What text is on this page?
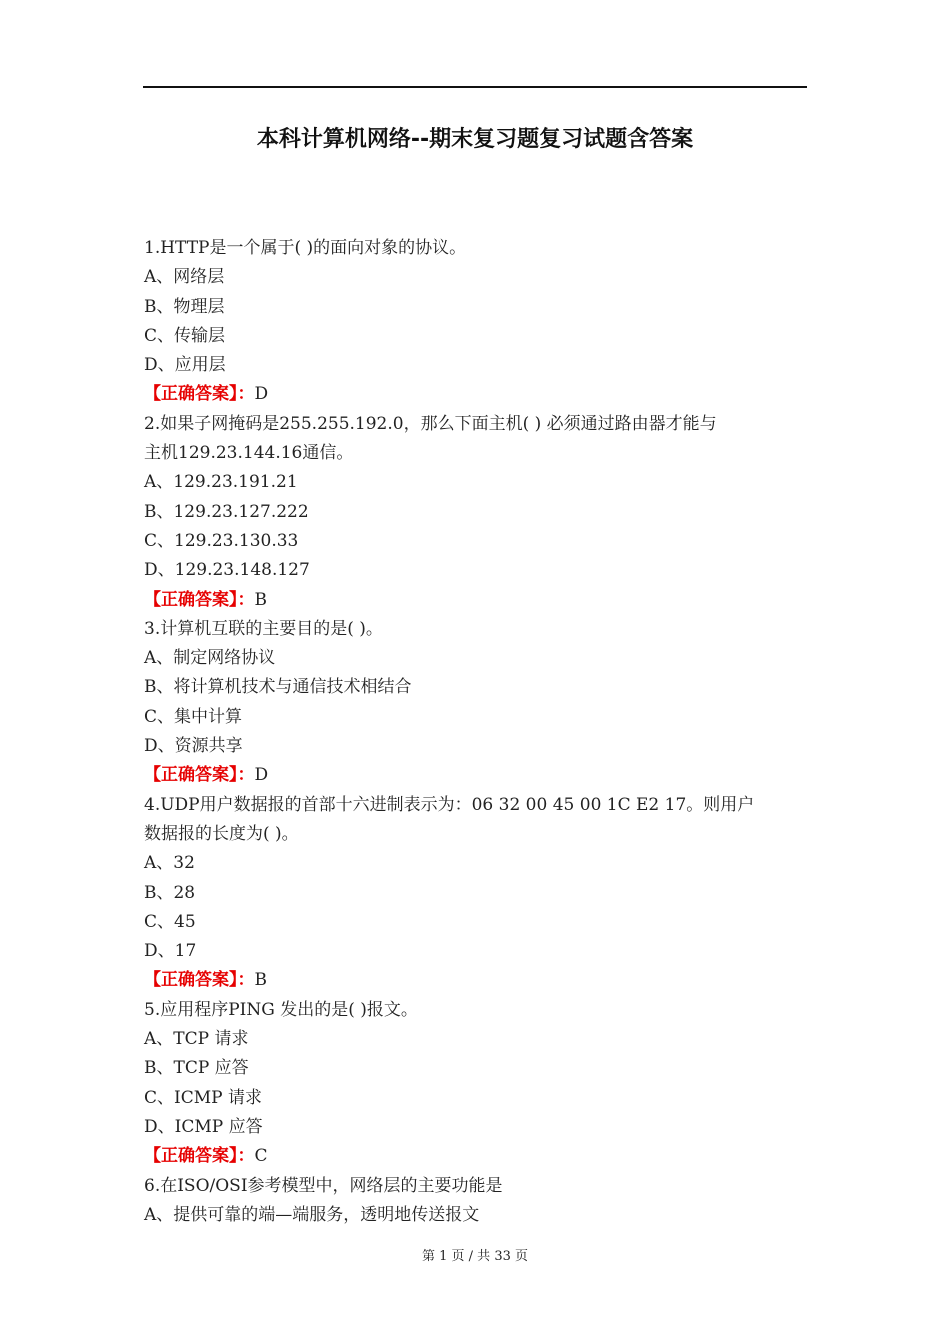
本科计算机网络--期末复习题复习试题含答案
1.HTTP是一个属于( )的面向对象的协议。
A、网络层
B、物理层
C、传输层
D、应用层
【正确答案】：D
2.如果子网掩码是255.255.192.0，那么下面主机( ) 必须通过路由器才能与
主机129.23.144.16通信。
A、129.23.191.21
B、129.23.127.222
C、129.23.130.33
D、129.23.148.127
【正确答案】：B
3.计算机互联的主要目的是( )。
A、制定网络协议
B、将计算机技术与通信技术相结合
C、集中计算
D、资源共享
【正确答案】：D
4.UDP用户数据报的首部十六进制表示为：06 32 00 45 00 1C E2 17。则用户
数据报的长度为( )。
A、32
B、28
C、45
D、17
【正确答案】：B
5.应用程序PING 发出的是( )报文。
A、TCP 请求
B、TCP 应答
C、ICMP 请求
D、ICMP 应答
【正确答案】：C
6.在ISO/OSI参考模型中，网络层的主要功能是
A、提供可靠的端—端服务，透明地传送报文
第 1 页 / 共 33 页
